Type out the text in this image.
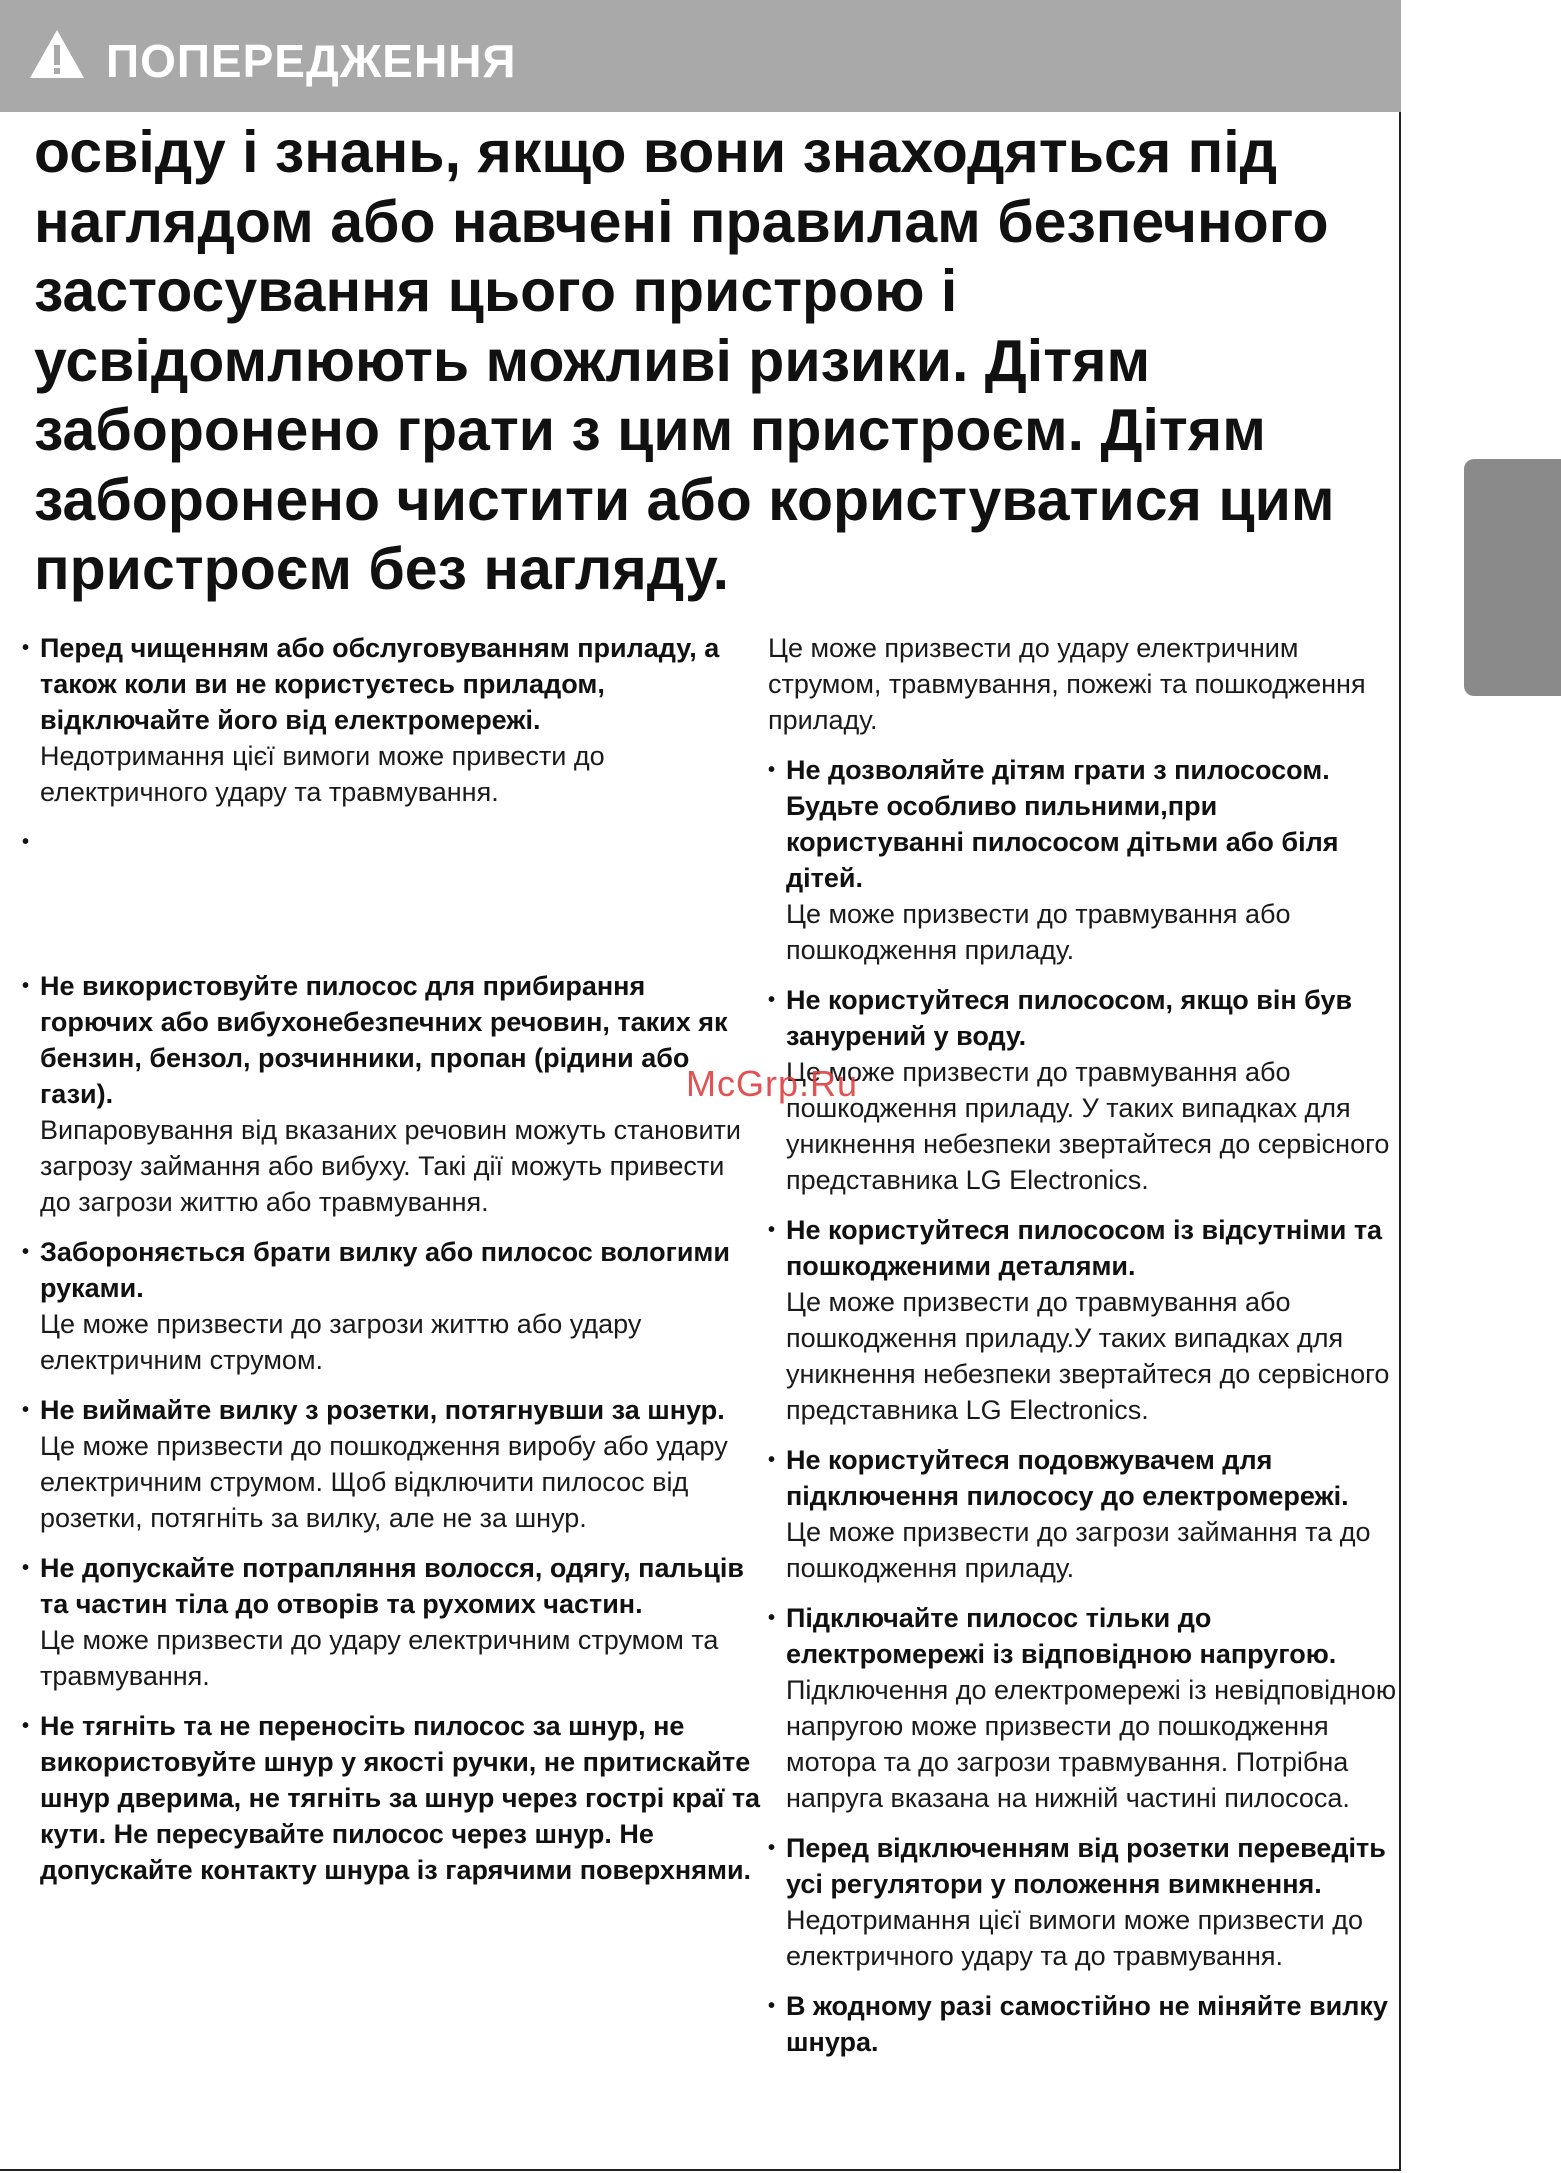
ПОПЕРЕДЖЕННЯ
освіду і знань, якщо вони знаходяться під наглядом або навчені правилам безпечного застосування цього пристрою і усвідомлюють можливі ризики. Дітям заборонено грати з цим пристроєм. Дітям заборонено чистити або користуватися цим пристроєм без нагляду.
• Перед чищенням або обслуговуванням приладу, а також коли ви не користуєтесь приладом, відключайте його від електромережі.

Недотримання цієї вимоги може привести до електричного удару та травмування.

•

• Не використовуйте пилосос для прибирання горючих або вибухонебезпечних речовин, таких як бензин, бензол, розчинники, пропан (рідини або гази).

Випаровування від вказаних речовин можуть становити загрозу займання або вибуху. Такі дії можуть привести до загрози життю або травмування.

• Забороняється брати вилку або пилосос вологими руками.

Це може призвести до загрози життю або удару електричним струмом.

• Не виймайте вилку з розетки, потягнувши за шнур.

Це може призвести до пошкодження виробу або удару електричним струмом. Щоб відключити пилосос від розетки, потягніть за вилку, але не за шнур.

• Не допускайте потрапляння волосся, одягу, пальців та частин тіла до отворів та рухомих частин.

Це може призвести до удару електричним струмом та травмування.

• Не тягніть та не переносіть пилосос за шнур, не використовуйте шнур у якості ручки, не притискайте шнур дверима, не тягніть за шнур через гострі краї та кути. Не пересувайте пилосос через шнур. Не допускайте контакту шнура із гарячими поверхнями.

Це може призвести до удару електричним струмом, травмування, пожежі та пошкодження приладу.

• Не дозволяйте дітям грати з пилососом. Будьте особливо пильними,при користуванні пилососом дітьми або біля дітей.

Це може призвести до травмування або пошкодження приладу.

• Не користуйтеся пилососом, якщо він був занурений у воду.

Це може призвести до травмування або пошкодження приладу. У таких випадках для уникнення небезпеки звертайтеся до сервісного представника LG Electronics.

• Не користуйтеся пилососом із відсутніми та пошкодженими деталями.

Це може призвести до травмування або пошкодження приладу.У таких випадках для уникнення небезпеки звертайтеся до сервісного представника LG Electronics.

• Не користуйтеся подовжувачем для підключення пилососу до електромережі.

Це може призвести до загрози займання та до пошкодження приладу.

• Підключайте пилосос тільки до електромережі із відповідною напругою.

Підключення до електромережі із невідповідною напругою може призвести до пошкодження мотора та до загрози травмування. Потрібна напруга вказана на нижній частині пилососа.

• Перед відключенням від розетки переведіть усі регулятори у положення вимкнення.

Недотримання цієї вимоги може призвести до електричного удару та до травмування.

• В жодному разі самостійно не міняйте вилку шнура.

McGrp.Ru
